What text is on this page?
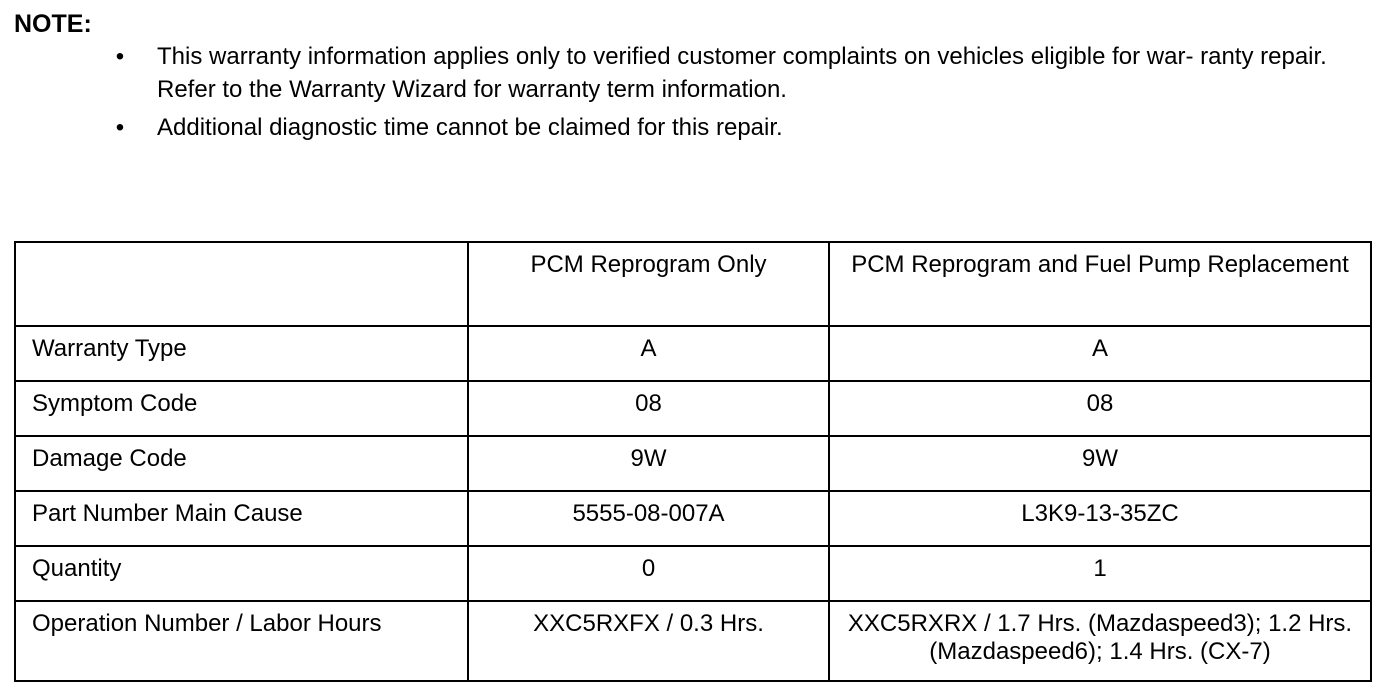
NOTE:
• This warranty information applies only to verified customer complaints on vehicles eligible for war- ranty repair. Refer to the Warranty Wizard for warranty term information.
• Additional diagnostic time cannot be claimed for this repair.
	PCM Reprogram Only	PCM Reprogram and Fuel Pump Replacement
Warranty Type	A	A
Symptom Code	08	08
Damage Code	9W	9W
Part Number Main Cause	5555-08-007A	L3K9-13-35ZC
Quantity	0	1
Operation Number / Labor Hours	XXC5RXFX / 0.3 Hrs.	XXC5RXRX / 1.7 Hrs. (Mazdaspeed3); 1.2 Hrs. (Mazdaspeed6); 1.4 Hrs. (CX-7)
